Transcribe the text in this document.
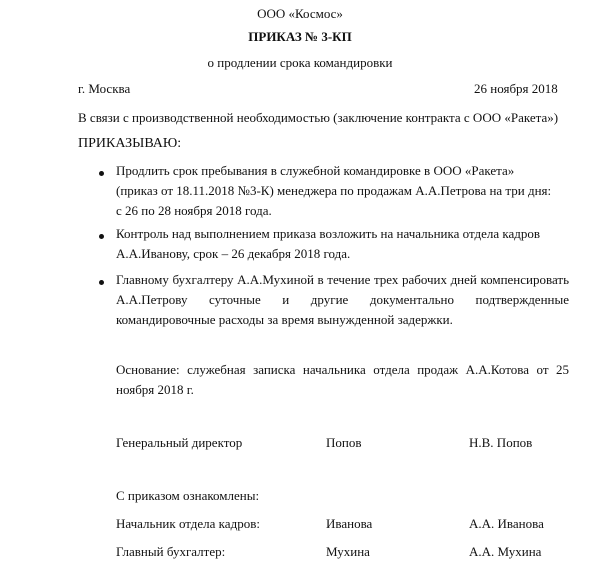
ООО «Космос»
ПРИКАЗ № 3-КП
о продлении срока командировки
г. Москва	26 ноября 2018
В связи с производственной необходимостью (заключение контракта с ООО «Ракета»)
ПРИКАЗЫВАЮ:
Продлить срок пребывания в служебной командировке в ООО «Ракета» (приказ от 18.11.2018 №3-К) менеджера по продажам А.А.Петрова на три дня: с 26 по 28 ноября 2018 года.
Контроль над выполнением приказа возложить на начальника отдела кадров А.А.Иванову, срок – 26 декабря 2018 года.
Главному бухгалтеру А.А.Мухиной в течение трех рабочих дней компенсировать А.А.Петрову суточные и другие документально подтвержденные командировочные расходы за время вынужденной задержки.
Основание: служебная записка начальника отдела продаж А.А.Котова от 25 ноября 2018 г.
Генеральный директор	Попов	Н.В. Попов
С приказом ознакомлены:
Начальник отдела кадров:	Иванова	А.А. Иванова
Главный бухгалтер:	Мухина	А.А. Мухина
